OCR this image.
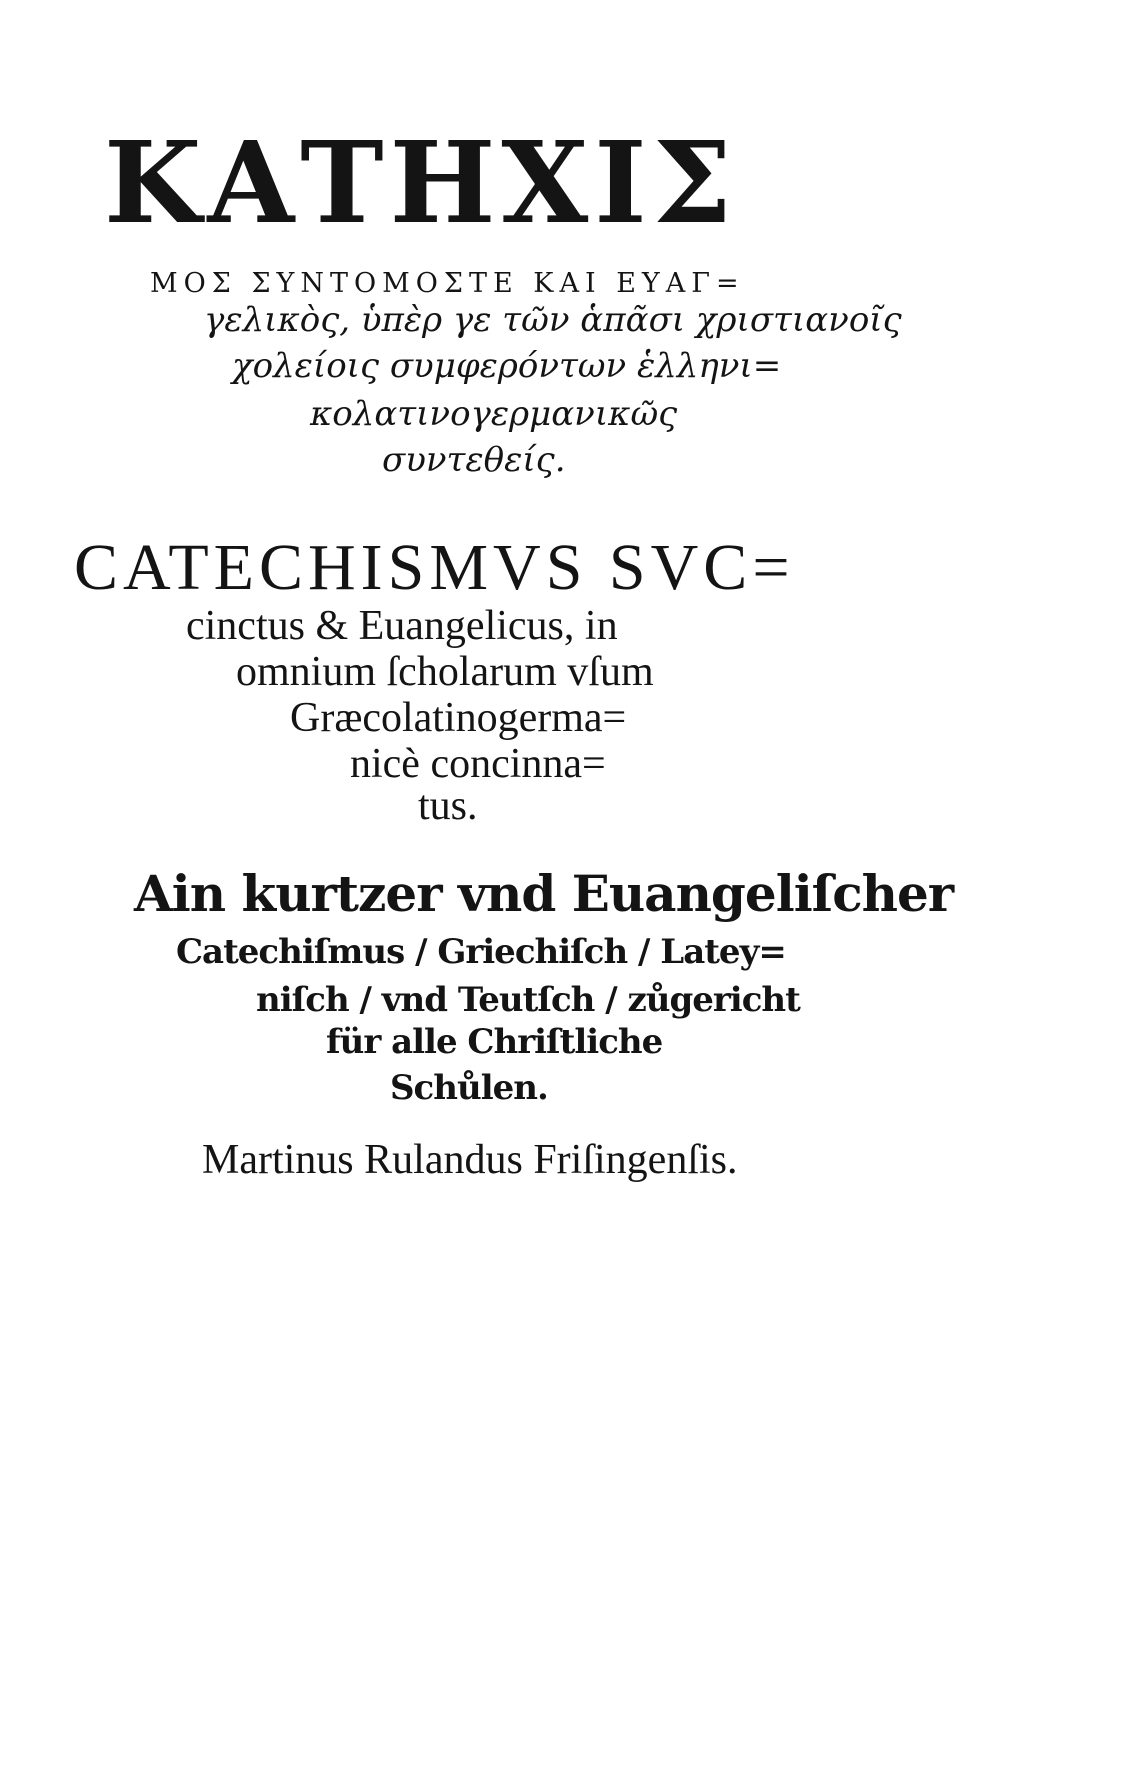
ΚΑΤΗΧΙΣ
ΜΟΣ ΣΥΝΤΟΜΟΣΤΕ ΚΑΙ ΕΥΑΓ=
γελικὸς, ὑπὲρ γε τῶν ἁπᾶσι χριστιανοῖς
χολείοις συμφερόντων ἑλληνι=
κολατινογερμανικῶς
συντεθείς.
CATECHISMVS SVC=
cinctus & Euangelicus, in
omnium ſcholarum vſum
Græcolatinogerma=
nicè concinna=
tus.
Ain kurtzer vnd Euangeliſcher
Catechiſmus / Griechiſch / Latey=
niſch / vnd Teutſch / zůgericht
für alle Chriſtliche
Schůlen.
Martinus Rulandus Friſingenſis.
